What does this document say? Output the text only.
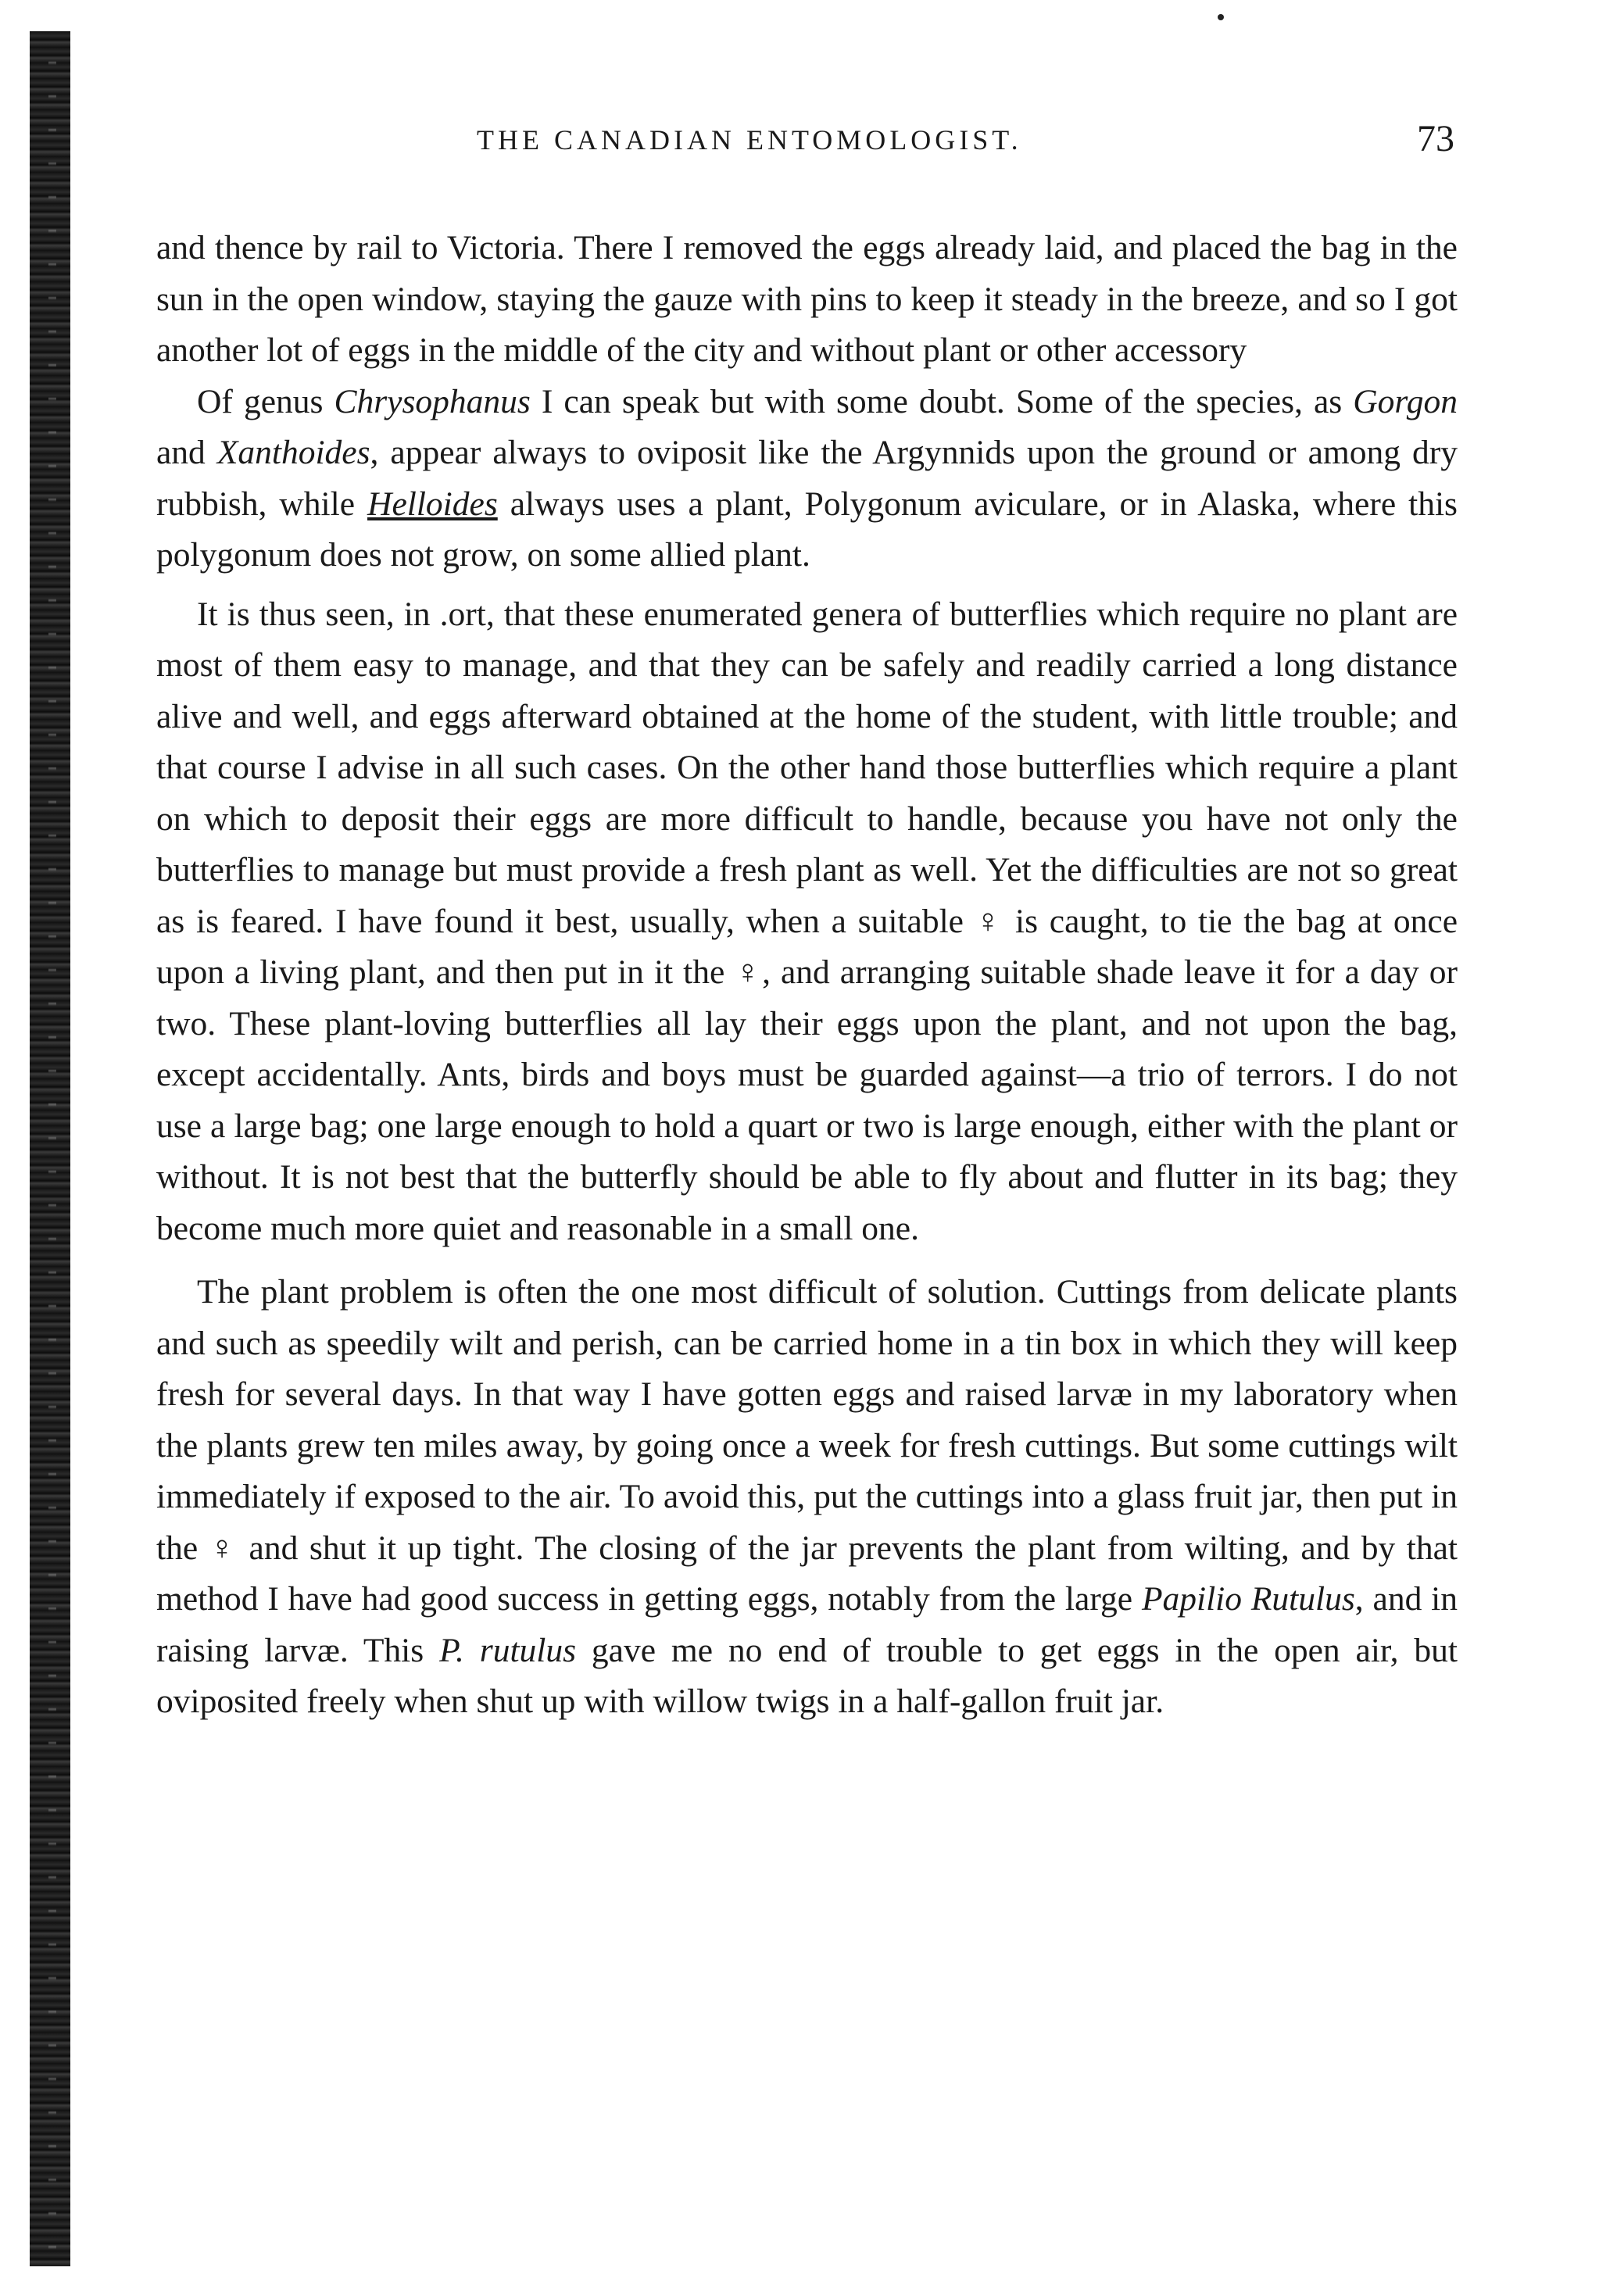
THE CANADIAN ENTOMOLOGIST.	73

and thence by rail to Victoria. There I removed the eggs already laid, and placed the bag in the sun in the open window, staying the gauze with pins to keep it steady in the breeze, and so I got another lot of eggs in the middle of the city and without plant or other accessory

Of genus Chrysophanus I can speak but with some doubt. Some of the species, as Gorgon and Xanthoides, appear always to oviposit like the Argynnids upon the ground or among dry rubbish, while Helloides always uses a plant, Polygonum aviculare, or in Alaska, where this polygonum does not grow, on some allied plant.

It is thus seen, in .ort, that these enumerated genera of butterflies which require no plant are most of them easy to manage, and that they can be safely and readily carried a long distance alive and well, and eggs afterward obtained at the home of the student, with little trouble; and that course I advise in all such cases. On the other hand those butterflies which require a plant on which to deposit their eggs are more difficult to handle, because you have not only the butterflies to manage but must provide a fresh plant as well. Yet the difficulties are not so great as is feared. I have found it best, usually, when a suitable ♀ is caught, to tie the bag at once upon a living plant, and then put in it the ♀, and arranging suitable shade leave it for a day or two. These plant-loving butterflies all lay their eggs upon the plant, and not upon the bag, except accidentally. Ants, birds and boys must be guarded against—a trio of terrors. I do not use a large bag; one large enough to hold a quart or two is large enough, either with the plant or without. It is not best that the butterfly should be able to fly about and flutter in its bag; they become much more quiet and reasonable in a small one.

The plant problem is often the one most difficult of solution. Cuttings from delicate plants and such as speedily wilt and perish, can be carried home in a tin box in which they will keep fresh for several days. In that way I have gotten eggs and raised larvæ in my laboratory when the plants grew ten miles away, by going once a week for fresh cuttings. But some cuttings wilt immediately if exposed to the air. To avoid this, put the cuttings into a glass fruit jar, then put in the ♀ and shut it up tight. The closing of the jar prevents the plant from wilting, and by that method I have had good success in getting eggs, notably from the large Papilio Rutulus, and in raising larvæ. This P. rutulus gave me no end of trouble to get eggs in the open air, but oviposited freely when shut up with willow twigs in a half-gallon fruit jar.
